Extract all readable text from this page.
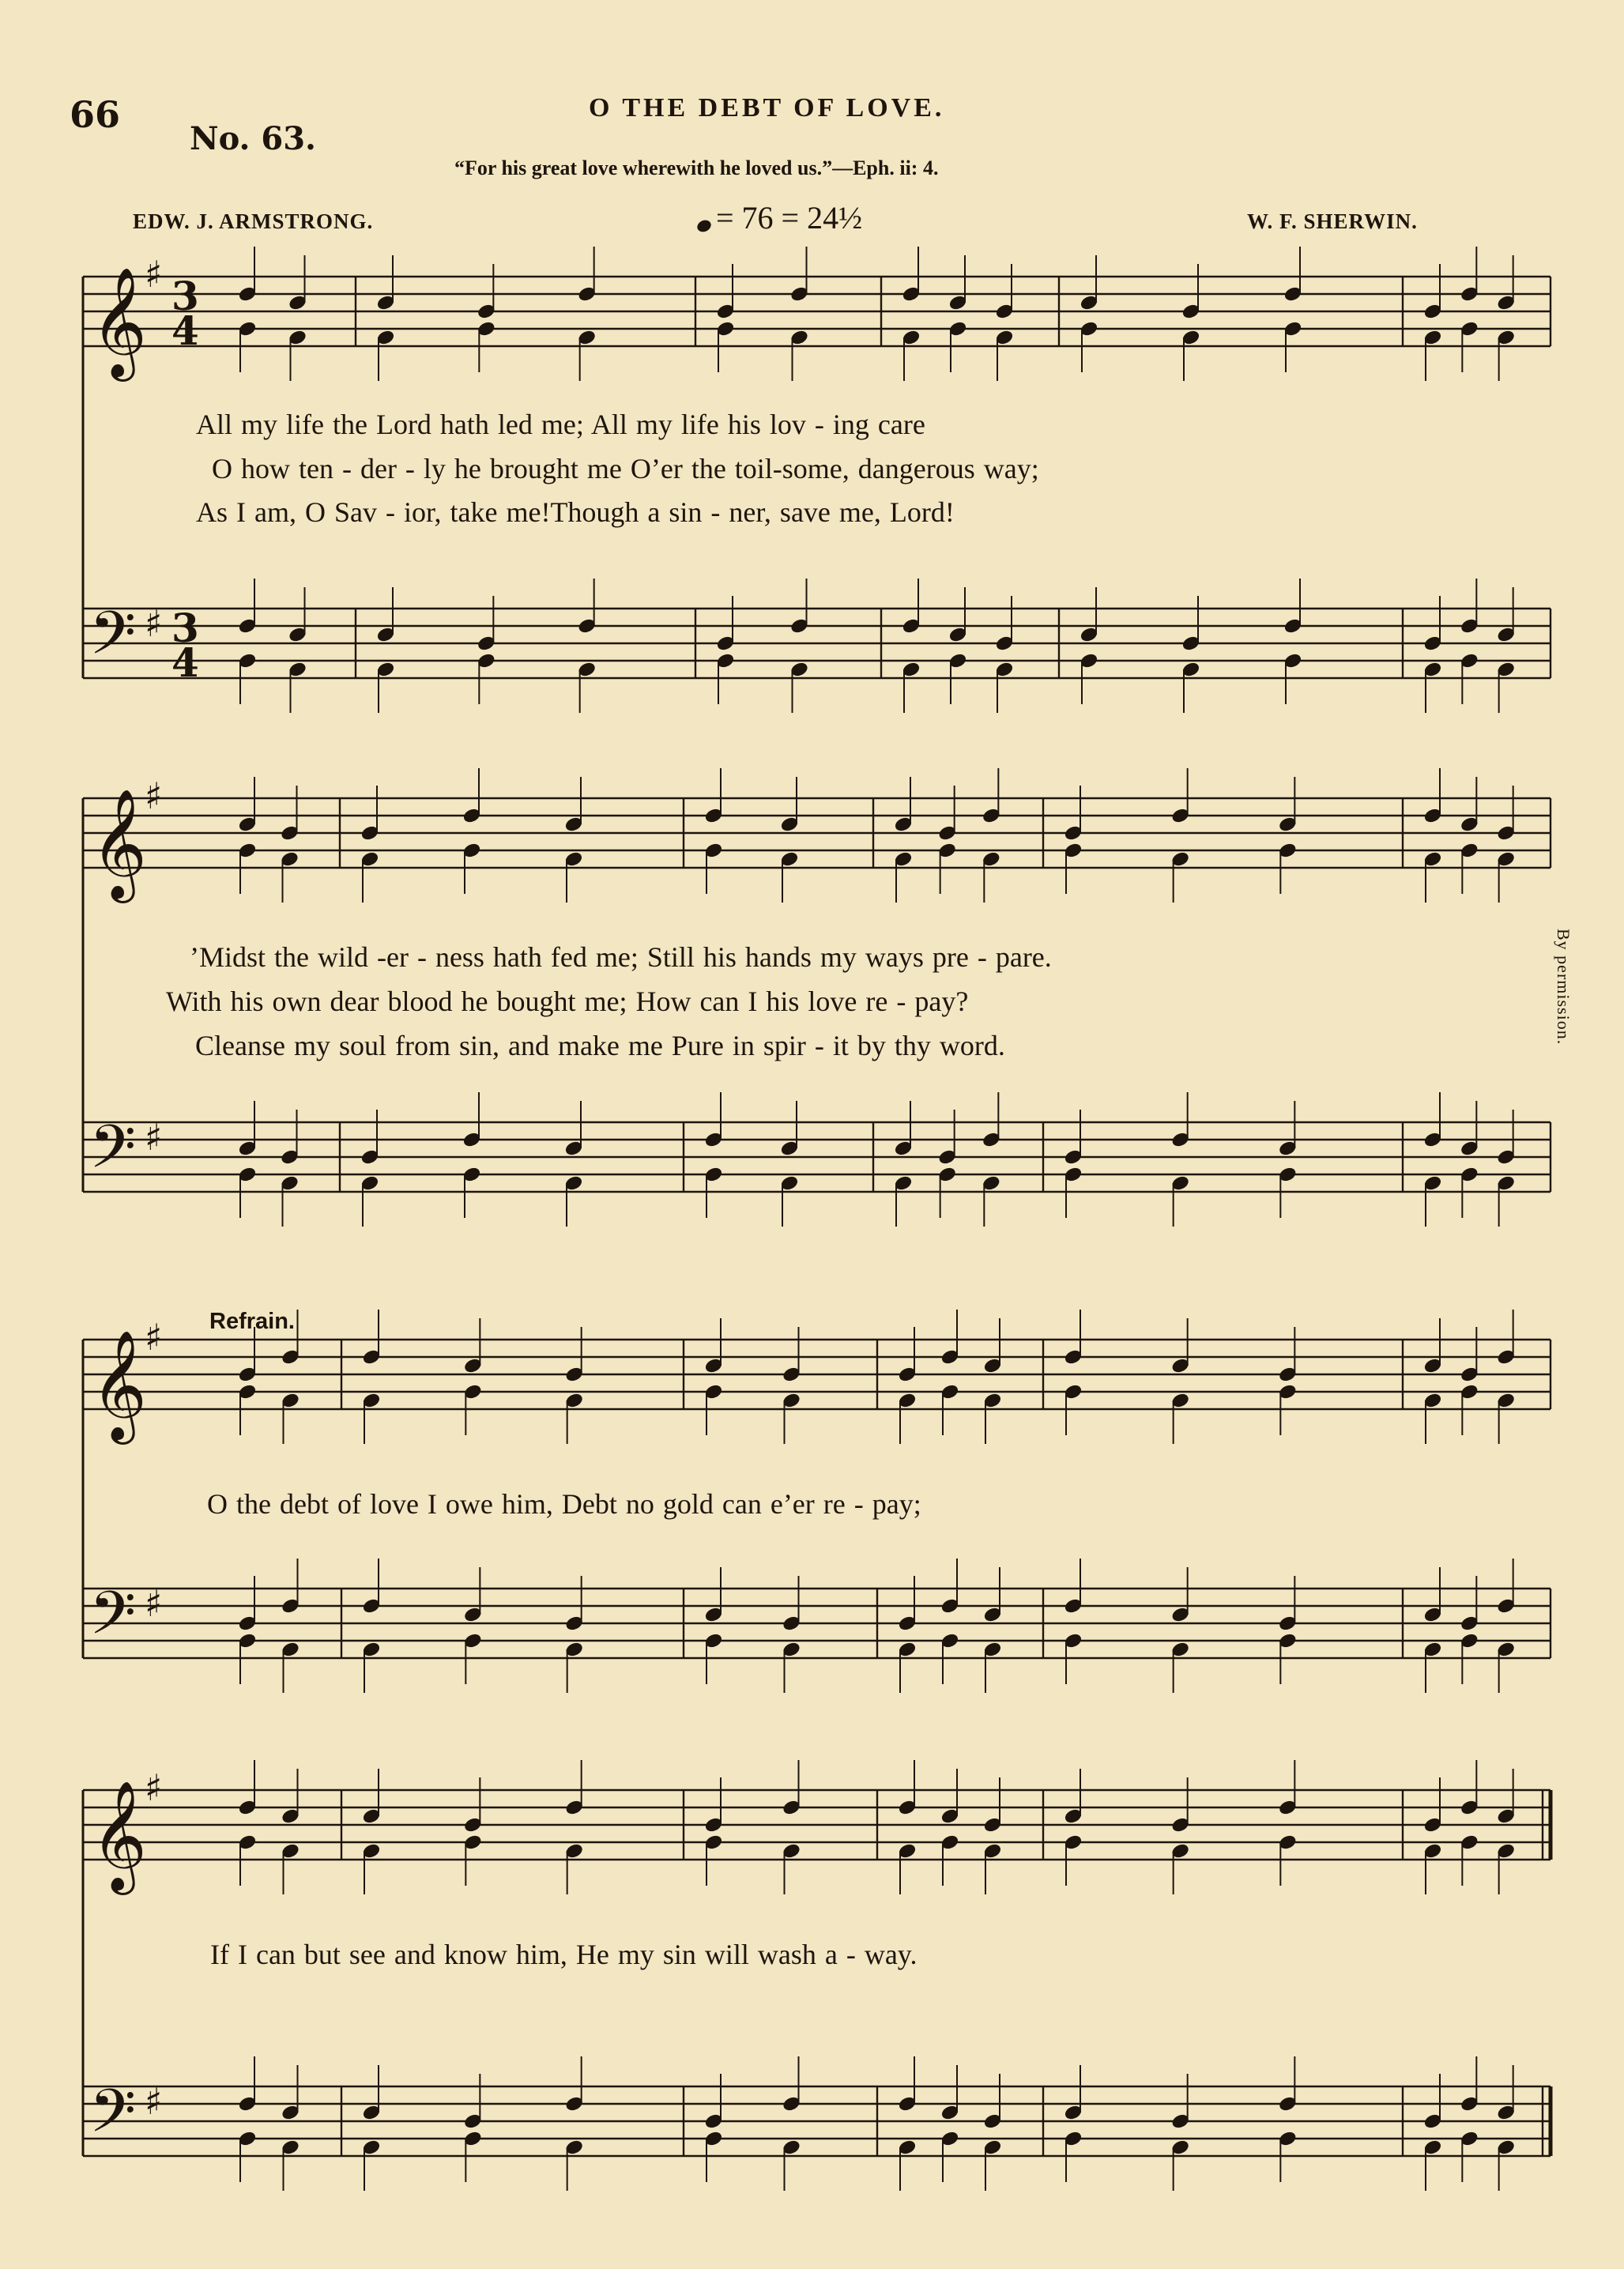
66
No. 63.
O THE DEBT OF LOVE.
“For his great love wherewith he loved us.”—Eph. ii: 4.
EDW. J. ARMSTRONG.	= 76 = 24½	W. F. SHERWIN.
By permission.
Refrain.
𝄞
𝄢
♯
♯
3
4
3
4
𝄞
𝄢
♯
♯
𝄞
𝄢
♯
♯
𝄞
𝄢
♯
♯
All my life the Lord hath led me; All my life his lov - ing care
O how ten - der - ly he brought me O’er the toil-some, dangerous way;
As I am, O Sav - ior, take me!Though a sin - ner, save me, Lord!
’Midst the wild -er - ness hath fed me; Still his hands my ways pre - pare.
With his own dear blood he bought me; How can I his love re - pay?
Cleanse my soul from sin, and make me Pure in spir - it by thy word.
O the debt of love I owe him, Debt no gold can e’er re - pay;
If I can but see and know him, He my sin will wash a - way.
